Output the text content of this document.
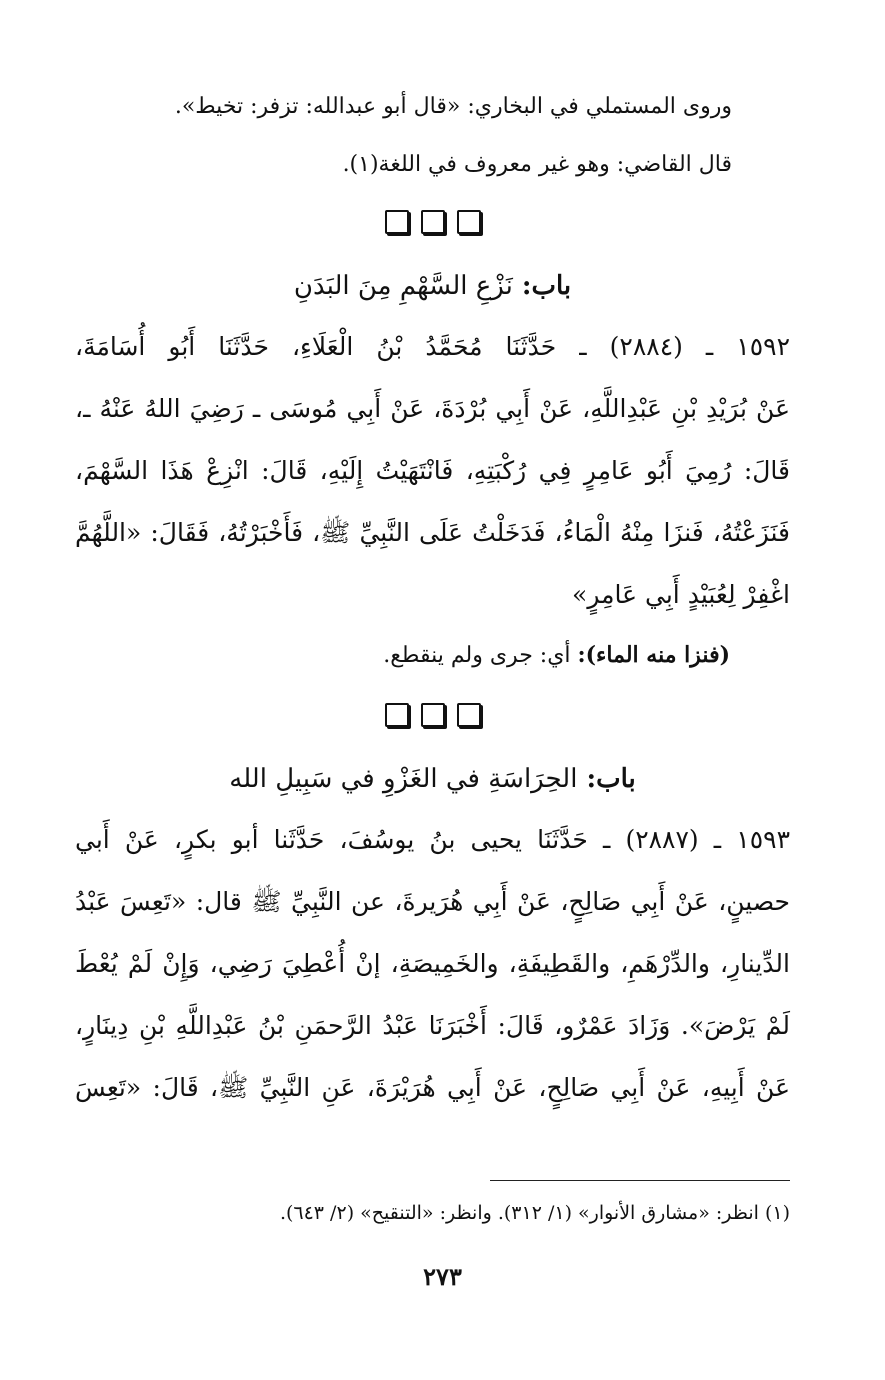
وروى المستملي في البخاري: «قال أبو عبدالله: تزفر: تخيط».
قال القاضي: وهو غير معروف في اللغة(١).
باب: نَزْعِ السَّهْمِ مِنَ البَدَنِ
١٥٩٢ ـ (٢٨٨٤) ـ حَدَّثَنَا مُحَمَّدُ بْنُ الْعَلَاءِ، حَدَّثَنَا أَبُو أُسَامَةَ،
عَنْ بُرَيْدِ بْنِ عَبْدِاللَّهِ، عَنْ أَبِي بُرْدَةَ، عَنْ أَبِي مُوسَى ـ رَضِيَ اللهُ عَنْهُ ـ،
قَالَ: رُمِيَ أَبُو عَامِرٍ فِي رُكْبَتِهِ، فَانْتَهَيْتُ إِلَيْهِ، قَالَ: انْزِعْ هَذَا السَّهْمَ،
فَنَزَعْتُهُ، فَنزَا مِنْهُ الْمَاءُ، فَدَخَلْتُ عَلَى النَّبِيِّ ﷺ، فَأَخْبَرْتُهُ، فَقَالَ: «اللَّهُمَّ
اغْفِرْ لِعُبَيْدٍ أَبِي عَامِرٍ»
(فنزا منه الماء): أي: جرى ولم ينقطع.
باب: الحِرَاسَةِ في الغَزْوِ في سَبِيلِ الله
١٥٩٣ ـ (٢٨٨٧) ـ حَدَّثَنَا يحيى بنُ يوسُفَ، حَدَّثَنا أبو بكرٍ، عَنْ أَبي
حصينٍ، عَنْ أَبِي صَالِحٍ، عَنْ أَبِي هُرَيرةَ، عن النَّبِيِّ ﷺ قال: «تَعِسَ عَبْدُ
الدِّينارِ، والدِّرْهَمِ، والقَطِيفَةِ، والخَمِيصَةِ، إنْ أُعْطِيَ رَضِي، وَإِنْ لَمْ يُعْطَ
لَمْ يَرْضَ». وَزَادَ عَمْرٌو، قَالَ: أَخْبَرَنَا عَبْدُ الرَّحمَنِ بْنُ عَبْدِاللَّهِ بْنِ دِينَارٍ،
عَنْ أَبِيهِ، عَنْ أَبِي صَالِحٍ، عَنْ أَبِي هُرَيْرَةَ، عَنِ النَّبِيِّ ﷺ، قَالَ: «تَعِسَ
(١) انظر: «مشارق الأنوار» (١/ ٣١٢). وانظر: «التنقيح» (٢/ ٦٤٣).
٢٧٣
